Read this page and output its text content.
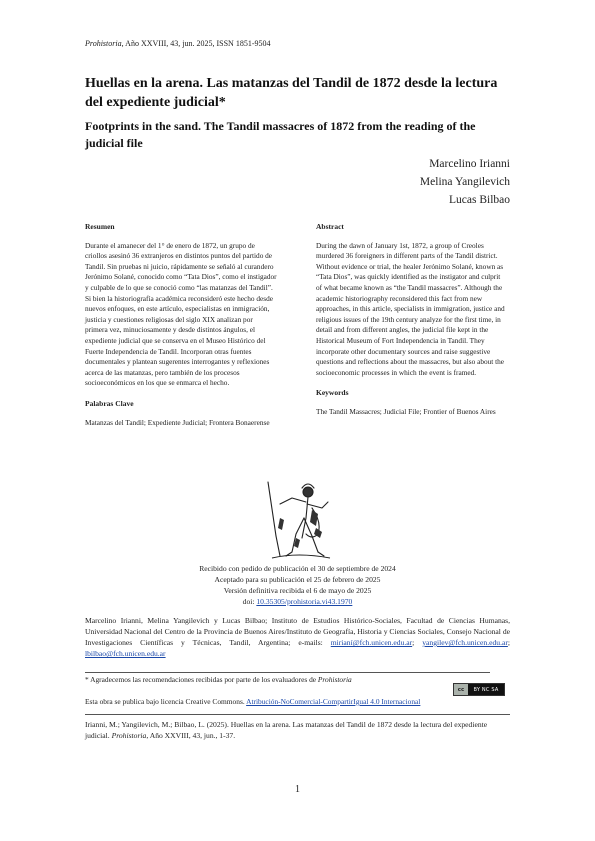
Prohistoria, Año XXVIII, 43, jun. 2025, ISSN 1851-9504
Huellas en la arena. Las matanzas del Tandil de 1872 desde la lectura del expediente judicial*
Footprints in the sand. The Tandil massacres of 1872 from the reading of the judicial file
Marcelino Irianni
Melina Yangilevich
Lucas Bilbao
Resumen

Durante el amanecer del 1° de enero de 1872, un grupo de criollos asesinó 36 extranjeros en distintos puntos del partido de Tandil. Sin pruebas ni juicio, rápidamente se señaló al curandero Jerónimo Solané, conocido como “Tata Dios”, como el instigador y culpable de lo que se conoció como “las matanzas del Tandil”. Si bien la historiografía académica reconsideró este hecho desde nuevos enfoques, en este artículo, especialistas en inmigración, justicia y cuestiones religiosas del siglo XIX analizan por primera vez, minuciosamente y desde distintos ángulos, el expediente judicial que se conserva en el Museo Histórico del Fuerte Independencia de Tandil. Incorporan otras fuentes documentales y plantean sugerentes interrogantes y reflexiones acerca de las matanzas, pero también de los procesos socioeconómicos en los que se enmarca el hecho.

Palabras Clave

Matanzas del Tandil; Expediente Judicial; Frontera Bonaerense

Abstract

During the dawn of January 1st, 1872, a group of Creoles murdered 36 foreigners in different parts of the Tandil district. Without evidence or trial, the healer Jerónimo Solané, known as “Tata Dios”, was quickly identified as the instigator and culprit of what became known as “the Tandil massacres”. Although the academic historiography reconsidered this fact from new approaches, in this article, specialists in immigration, justice and religious issues of the 19th century analyze for the first time, in detail and from different angles, the judicial file kept in the Historical Museum of Fort Independencia in Tandil. They incorporate other documentary sources and raise suggestive questions and reflections about the massacres, but also about the socioeconomic processes in which the event is framed.

Keywords

The Tandil Massacres; Judicial File; Frontier of Buenos Aires

Recibido con pedido de publicación el 30 de septiembre de 2024
Aceptado para su publicación el 25 de febrero de 2025
Versión definitiva recibida el 6 de mayo de 2025
doi: 10.35305/prohistoria.vi43.1970
Marcelino Irianni, Melina Yangilevich y Lucas Bilbao; Instituto de Estudios Histórico-Sociales, Facultad de Ciencias Humanas, Universidad Nacional del Centro de la Provincia de Buenos Aires/Instituto de Geografía, Historia y Ciencias Sociales, Consejo Nacional de Investigaciones Científicas y Técnicas, Tandil, Argentina; e-mails: mirianí@fch.unicen.edu.ar; yangilev@fch.unicen.edu.ar; lbilbao@fch.unicen.edu.ar
* Agradecemos las recomendaciones recibidas por parte de los evaluadores de Prohistoria
cc	BY NC SA
Esta obra se publica bajo licencia Creative Commons. Atribución-NoComercial-CompartirIgual 4.0 Internacional
Irianni, M.; Yangilevich, M.; Bilbao, L. (2025). Huellas en la arena. Las matanzas del Tandil de 1872 desde la lectura del expediente judicial. Prohistoria, Año XXVIII, 43, jun., 1-37.
1
